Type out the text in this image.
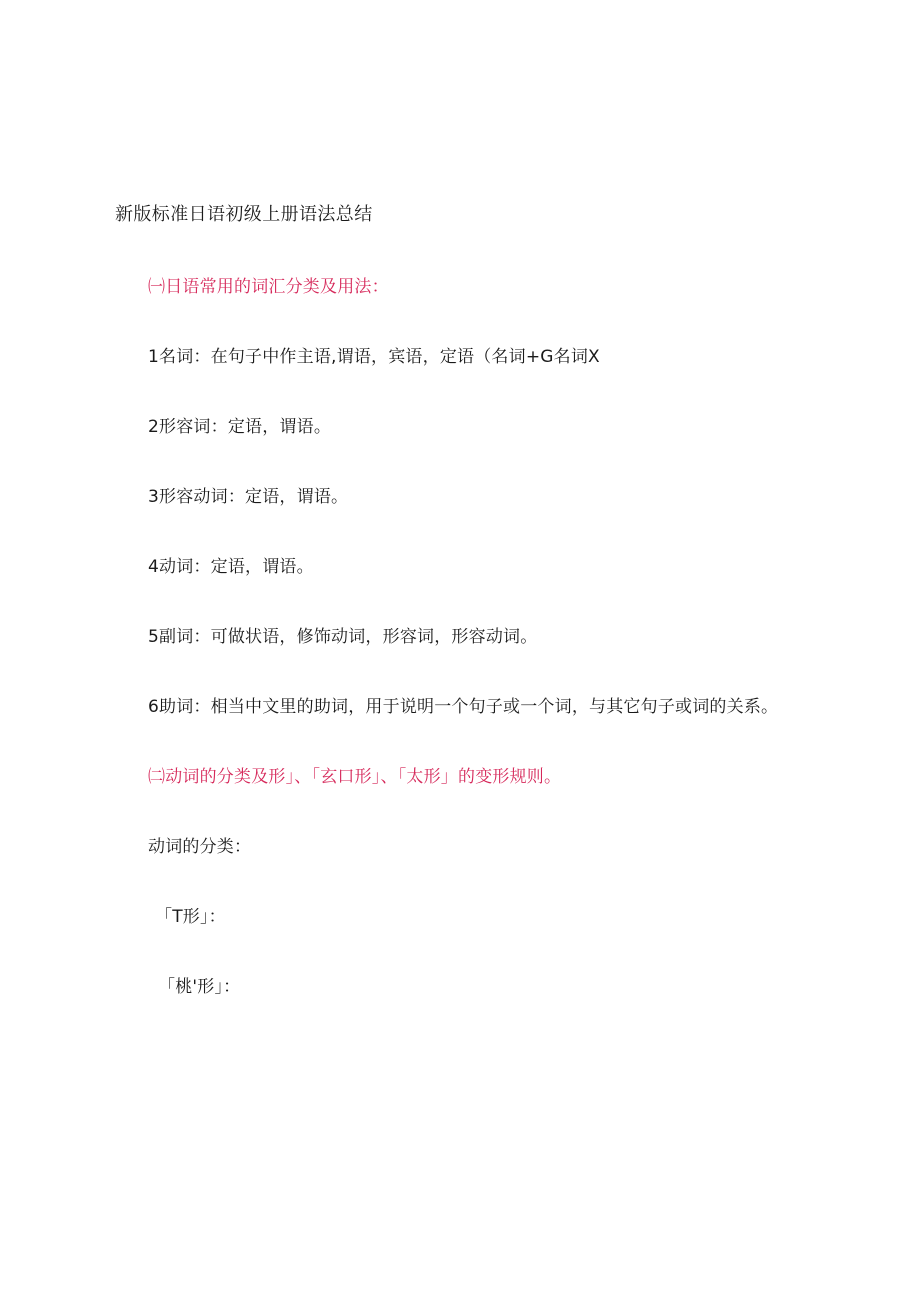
新版标准日语初级上册语法总结
㈠日语常用的词汇分类及用法：
1名词：在句子中作主语,谓语，宾语，定语（名词+G名词X
2形容词：定语，谓语。
3形容动词：定语，谓语。
4动词：定语，谓语。
5副词：可做状语，修饰动词，形容词，形容动词。
6助词：相当中文里的助词，用于说明一个句子或一个词，与其它句子或词的关系。
㈡动词的分类及形」、「玄口形」、「太形」的变形规则。
动词的分类：
「T形」：
「桃'形」：
